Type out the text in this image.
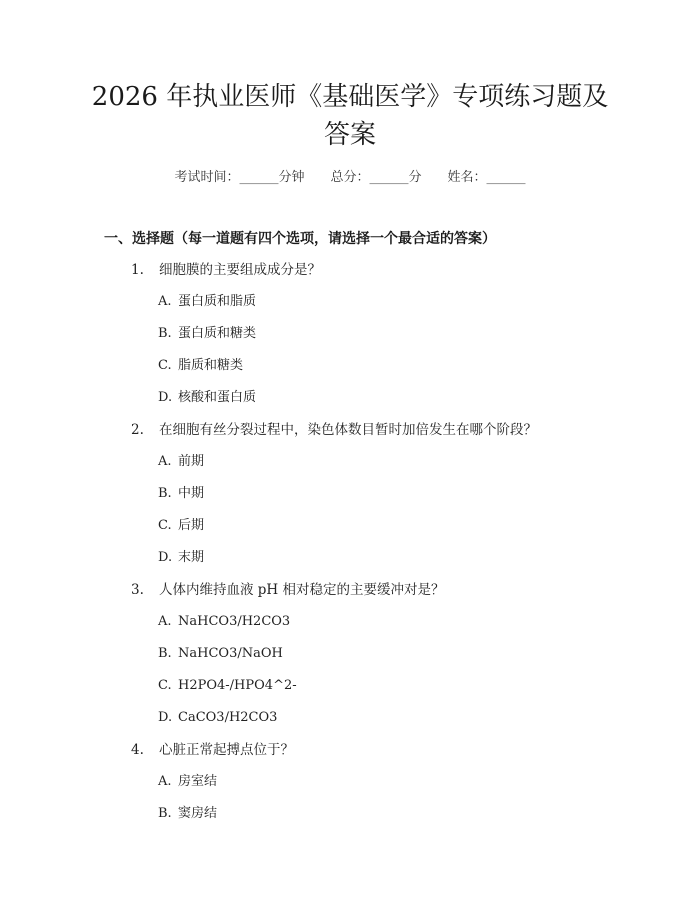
2026 年执业医师《基础医学》专项练习题及
答案
考试时间：______分钟 总分：______分 姓名：______
一、选择题（每一道题有四个选项，请选择一个最合适的答案）
1. 细胞膜的主要组成成分是？
A. 蛋白质和脂质
B. 蛋白质和糖类
C. 脂质和糖类
D. 核酸和蛋白质
2. 在细胞有丝分裂过程中，染色体数目暂时加倍发生在哪个阶段？
A. 前期
B. 中期
C. 后期
D. 末期
3. 人体内维持血液 pH 相对稳定的主要缓冲对是？
A. NaHCO3/H2CO3
B. NaHCO3/NaOH
C. H2PO4-/HPO4^2-
D. CaCO3/H2CO3
4. 心脏正常起搏点位于？
A. 房室结
B. 窦房结
